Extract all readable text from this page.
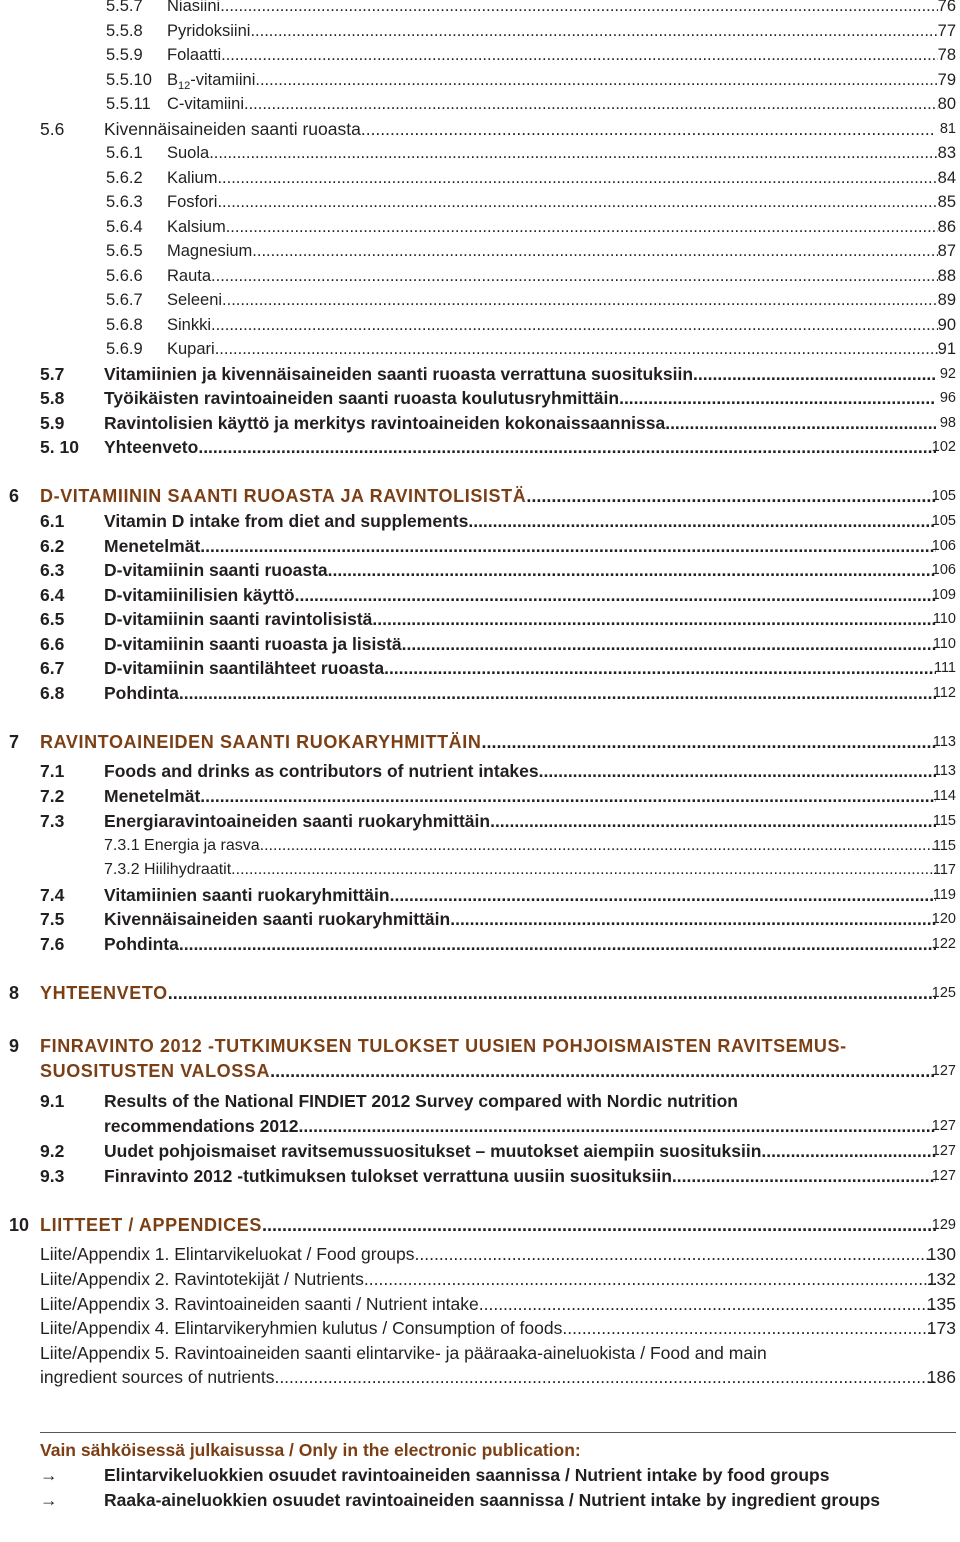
5.5.7 Niasiini .....	76
5.5.8 Pyridoksiini .....	77
5.5.9 Folaatti .....	78
5.5.10 $B_{12}$-vitamiini .....	79
5.5.11 C-vitamiini .....	80
5.6 Kivennäisaineiden saanti ruoasta .....	81
5.6.1 Suola .....	83
5.6.2 Kalium .....	84
5.6.3 Fosfori .....	85
5.6.4 Kalsium .....	86
5.6.5 Magnesium .....	87
5.6.6 Rauta .....	88
5.6.7 Seleeni .....	89
5.6.8 Sinkki .....	90
5.6.9 Kupari .....	91
5.7 Vitamiinien ja kivennäisaineiden saanti ruoasta verrattuna suosituksiin .....	92
5.8 Työikäisten ravintoaineiden saanti ruoasta koulutusryhmittäin .....	96
5.9 Ravintolisien käyttö ja merkitys ravintoaineiden kokonaissaannissa .....	98
5. 10 Yhteenveto .....	102
6 D-VITAMIININ SAANTI RUOASTA JA RAVINTOLISISTÄ .....	105
6.1 Vitamin D intake from diet and supplements .....	105
6.2 Menetelmät .....	106
6.3 D-vitamiinin saanti ruoasta .....	106
6.4 D-vitamiinilisien käyttö .....	109
6.5 D-vitamiinin saanti ravintolisistä .....	110
6.6 D-vitamiinin saanti ruoasta ja lisistä .....	110
6.7 D-vitamiinin saantilähteet ruoasta .....	111
6.8 Pohdinta .....	112
7 RAVINTOAINEIDEN SAANTI RUOKARYHMITTÄIN .....	113
7.1 Foods and drinks as contributors of nutrient intakes .....	113
7.2 Menetelmät .....	114
7.3 Energiaravintoaineiden saanti ruokaryhmittäin .....	115
7.3.1 Energia ja rasva .....	115
7.3.2 Hiilihydraatit .....	117
7.4 Vitamiinien saanti ruokaryhmittäin .....	119
7.5 Kivennäisaineiden saanti ruokaryhmittäin .....	120
7.6 Pohdinta .....	122
8 YHTEENVETO .....	125
9 FINRAVINTO 2012 -TUTKIMUKSEN TULOKSET UUSIEN POHJOISMAISTEN RAVITSEMUS-
SUOSITUSTEN VALOSSA .....	127
9.1 Results of the National FINDIET 2012 Survey compared with Nordic nutrition
recommendations 2012 .....	127
9.2 Uudet pohjoismaiset ravitsemussuositukset – muutokset aiempiin suosituksiin .....	127
9.3 Finravinto 2012 -tutkimuksen tulokset verrattuna uusiin suosituksiin .....	127
10 LIITTEET / APPENDICES .....	129
Liite/Appendix 1. Elintarvikeluokat / Food groups .....	130
Liite/Appendix 2. Ravintotekijät / Nutrients .....	132
Liite/Appendix 3. Ravintoaineiden saanti / Nutrient intake .....	135
Liite/Appendix 4. Elintarvikeryhmien kulutus / Consumption of foods .....	173
Liite/Appendix 5. Ravintoaineiden saanti elintarvike- ja pääraaka-aineluokista / Food and main
ingredient sources of nutrients .....	186
Vain sähköisessä julkaisussa / Only in the electronic publication:
→	Elintarvikeluokkien osuudet ravintoaineiden saannissa / Nutrient intake by food groups
→	Raaka-aineluokkien osuudet ravintoaineiden saannissa / Nutrient intake by ingredient groups
